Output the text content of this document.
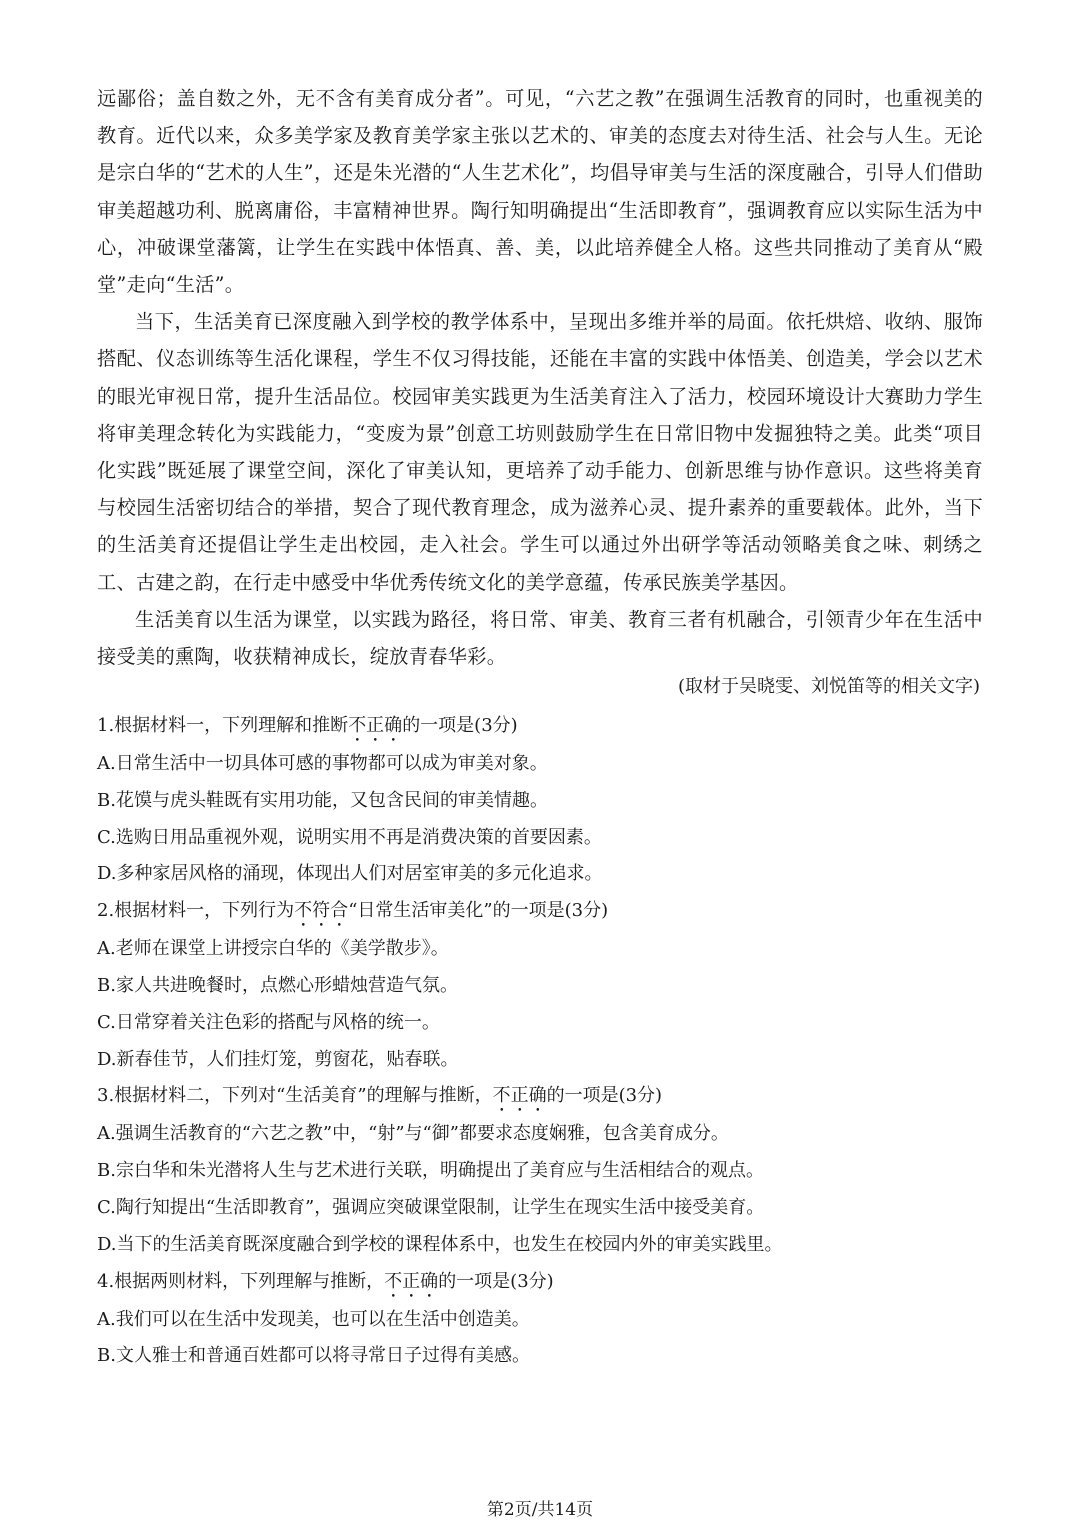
远鄙俗；盖自数之外，无不含有美育成分者”。可见，“六艺之教”在强调生活教育的同时，也重视美的教育。近代以来，众多美学家及教育美学家主张以艺术的、审美的态度去对待生活、社会与人生。无论是宗白华的“艺术的人生”，还是朱光潜的“人生艺术化”，均倡导审美与生活的深度融合，引导人们借助审美超越功利、脱离庸俗，丰富精神世界。陶行知明确提出“生活即教育”，强调教育应以实际生活为中心，冲破课堂藩篱，让学生在实践中体悟真、善、美，以此培养健全人格。这些共同推动了美育从“殿堂”走向“生活”。

当下，生活美育已深度融入到学校的教学体系中，呈现出多维并举的局面。依托烘焙、收纳、服饰搭配、仪态训练等生活化课程，学生不仅习得技能，还能在丰富的实践中体悟美、创造美，学会以艺术的眼光审视日常，提升生活品位。校园审美实践更为生活美育注入了活力，校园环境设计大赛助力学生将审美理念转化为实践能力，“变废为景”创意工坊则鼓励学生在日常旧物中发掘独特之美。此类“项目化实践”既延展了课堂空间，深化了审美认知，更培养了动手能力、创新思维与协作意识。这些将美育与校园生活密切结合的举措，契合了现代教育理念，成为滋养心灵、提升素养的重要载体。此外，当下的生活美育还提倡让学生走出校园，走入社会。学生可以通过外出研学等活动领略美食之味、刺绣之工、古建之韵，在行走中感受中华优秀传统文化的美学意蕴，传承民族美学基因。

生活美育以生活为课堂，以实践为路径，将日常、审美、教育三者有机融合，引领青少年在生活中接受美的熏陶，收获精神成长，绽放青春华彩。

(取材于吴晓雯、刘悦笛等的相关文字)
1.根据材料一，下列理解和推断不正确的一项是(3分)
A.日常生活中一切具体可感的事物都可以成为审美对象。
B.花馍与虎头鞋既有实用功能，又包含民间的审美情趣。
C.选购日用品重视外观，说明实用不再是消费决策的首要因素。
D.多种家居风格的涌现，体现出人们对居室审美的多元化追求。
2.根据材料一，下列行为不符合“日常生活审美化”的一项是(3分)
A.老师在课堂上讲授宗白华的《美学散步》。
B.家人共进晚餐时，点燃心形蜡烛营造气氛。
C.日常穿着关注色彩的搭配与风格的统一。
D.新春佳节，人们挂灯笼，剪窗花，贴春联。
3.根据材料二，下列对“生活美育”的理解与推断，不正确的一项是(3分)
A.强调生活教育的“六艺之教”中，“射”与“御”都要求态度娴雅，包含美育成分。
B.宗白华和朱光潜将人生与艺术进行关联，明确提出了美育应与生活相结合的观点。
C.陶行知提出“生活即教育”，强调应突破课堂限制，让学生在现实生活中接受美育。
D.当下的生活美育既深度融合到学校的课程体系中，也发生在校园内外的审美实践里。
4.根据两则材料，下列理解与推断，不正确的一项是(3分)
A.我们可以在生活中发现美，也可以在生活中创造美。
B.文人雅士和普通百姓都可以将寻常日子过得有美感。
第2页/共14页
